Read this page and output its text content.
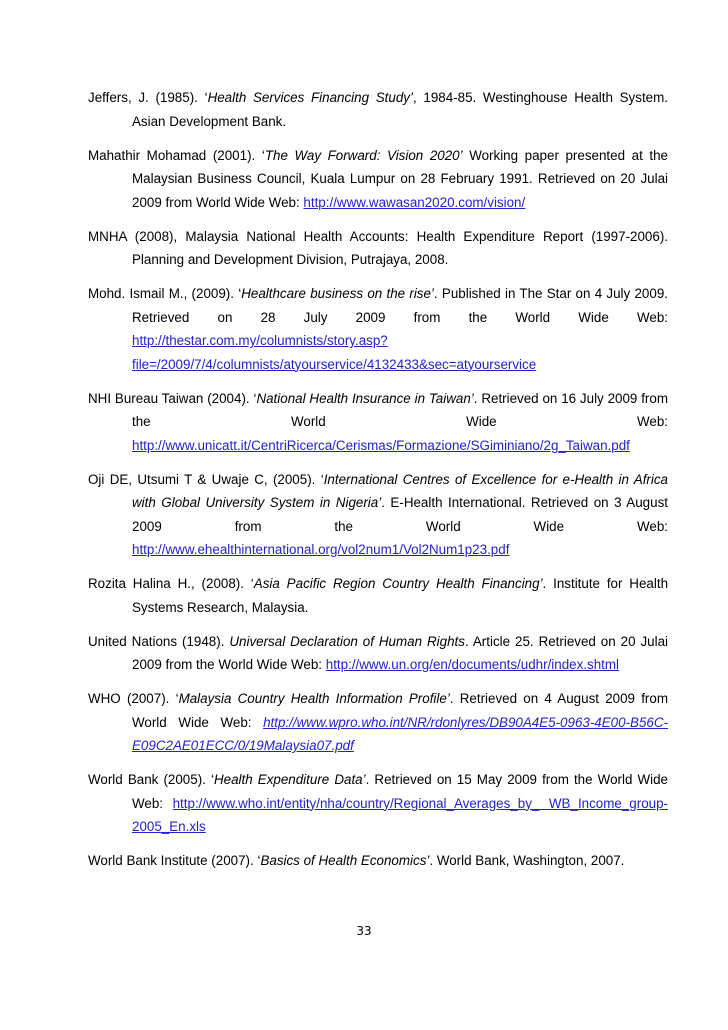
Jeffers, J. (1985). ‘Health Services Financing Study’, 1984-85. Westinghouse Health System. Asian Development Bank.

Mahathir Mohamad (2001). ‘The Way Forward: Vision 2020’ Working paper presented at the Malaysian Business Council, Kuala Lumpur on 28 February 1991. Retrieved on 20 Julai 2009 from World Wide Web: http://www.wawasan2020.com/vision/

MNHA (2008), Malaysia National Health Accounts: Health Expenditure Report (1997-2006). Planning and Development Division, Putrajaya, 2008.

Mohd. Ismail M., (2009). ‘Healthcare business on the rise’. Published in The Star on 4 July 2009. Retrieved on 28 July 2009 from the World Wide Web: http://thestar.com.my/columnists/story.asp?file=/2009/7/4/columnists/atyourservice/4132433&sec=atyourservice

NHI Bureau Taiwan (2004). ‘National Health Insurance in Taiwan’. Retrieved on 16 July 2009 from the World Wide Web: http://www.unicatt.it/CentriRicerca/Cerismas/Formazione/SGiminiano/2g_Taiwan.pdf

Oji DE, Utsumi T & Uwaje C, (2005). ‘International Centres of Excellence for e-Health in Africa with Global University System in Nigeria’. E-Health International. Retrieved on 3 August 2009 from the World Wide Web: http://www.ehealthinternational.org/vol2num1/Vol2Num1p23.pdf

Rozita Halina H., (2008). ‘Asia Pacific Region Country Health Financing’. Institute for Health Systems Research, Malaysia.

United Nations (1948). Universal Declaration of Human Rights. Article 25. Retrieved on 20 Julai 2009 from the World Wide Web: http://www.un.org/en/documents/udhr/index.shtml

WHO (2007). ‘Malaysia Country Health Information Profile’. Retrieved on 4 August 2009 from World Wide Web: http://www.wpro.who.int/NR/rdonlyres/DB90A4E5-0963-4E00-B56C-E09C2AE01ECC/0/19Malaysia07.pdf

World Bank (2005). ‘Health Expenditure Data’. Retrieved on 15 May 2009 from the World Wide Web: http://www.who.int/entity/nha/country/Regional_Averages_by_ WB_Income_group-2005_En.xls

World Bank Institute (2007). ‘Basics of Health Economics’. World Bank, Washington, 2007.

33
